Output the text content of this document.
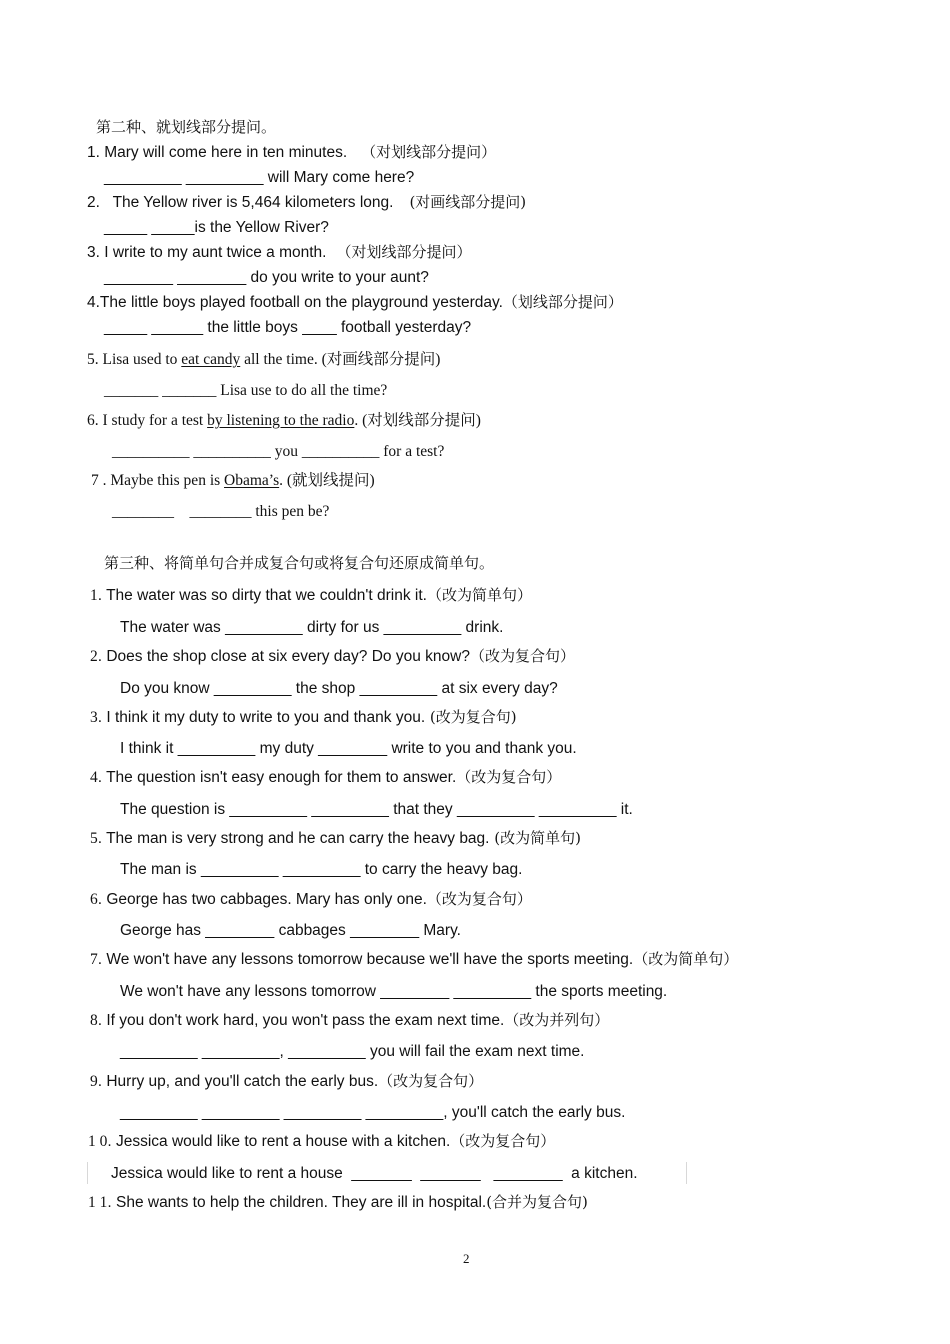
第二种、就划线部分提问。
1. Mary will come here in ten minutes. （对划线部分提问）
_________ _________ will Mary come here?
2.   The Yellow river is 5,464 kilometers long. (对画线部分提问)
_____ _____is the Yellow River?
3. I write to my aunt twice a month. （对划线部分提问）
________ ________ do you write to your aunt?
4.The little boys played football on the playground yesterday.（划线部分提问）
_____ ______ the little boys ____ football yesterday?
5. Lisa used to eat candy all the time. (对画线部分提问)
_______ _______ Lisa use to do all the time?
6. I study for a test by listening to the radio. (对划线部分提问)
__________ __________ you __________ for a test?
7 . Maybe this pen is Obama’s. (就划线提问)
________    ________ this pen be?
第三种、将简单句合并成复合句或将复合句还原成简单句。
1. The water was so dirty that we couldn't drink it.（改为简单句）
The water was _________ dirty for us _________ drink.
2. Does the shop close at six every day? Do you know?（改为复合句）
Do you know _________ the shop _________ at six every day?
3. I think it my duty to write to you and thank you. (改为复合句)
I think it _________ my duty ________ write to you and thank you.
4. The question isn't easy enough for them to answer.（改为复合句）
The question is _________ _________ that they _________ _________ it.
5. The man is very strong and he can carry the heavy bag. (改为简单句)
The man is _________ _________ to carry the heavy bag.
6. George has two cabbages. Mary has only one.（改为复合句）
George has ________ cabbages ________ Mary.
7. We won't have any lessons tomorrow because we'll have the sports meeting.（改为简单句）
We won't have any lessons tomorrow ________ _________ the sports meeting.
8. If you don't work hard, you won't pass the exam next time.（改为并列句）
_________ _________, _________ you will fail the exam next time.
9. Hurry up, and you'll catch the early bus.（改为复合句）
_________ _________ _________ _________, you'll catch the early bus.
1 0. Jessica would like to rent a house with a kitchen.（改为复合句）
Jessica would like to rent a house  _______  _______   ________  a kitchen.
1 1. She wants to help the children. They are ill in hospital.(合并为复合句)
2
